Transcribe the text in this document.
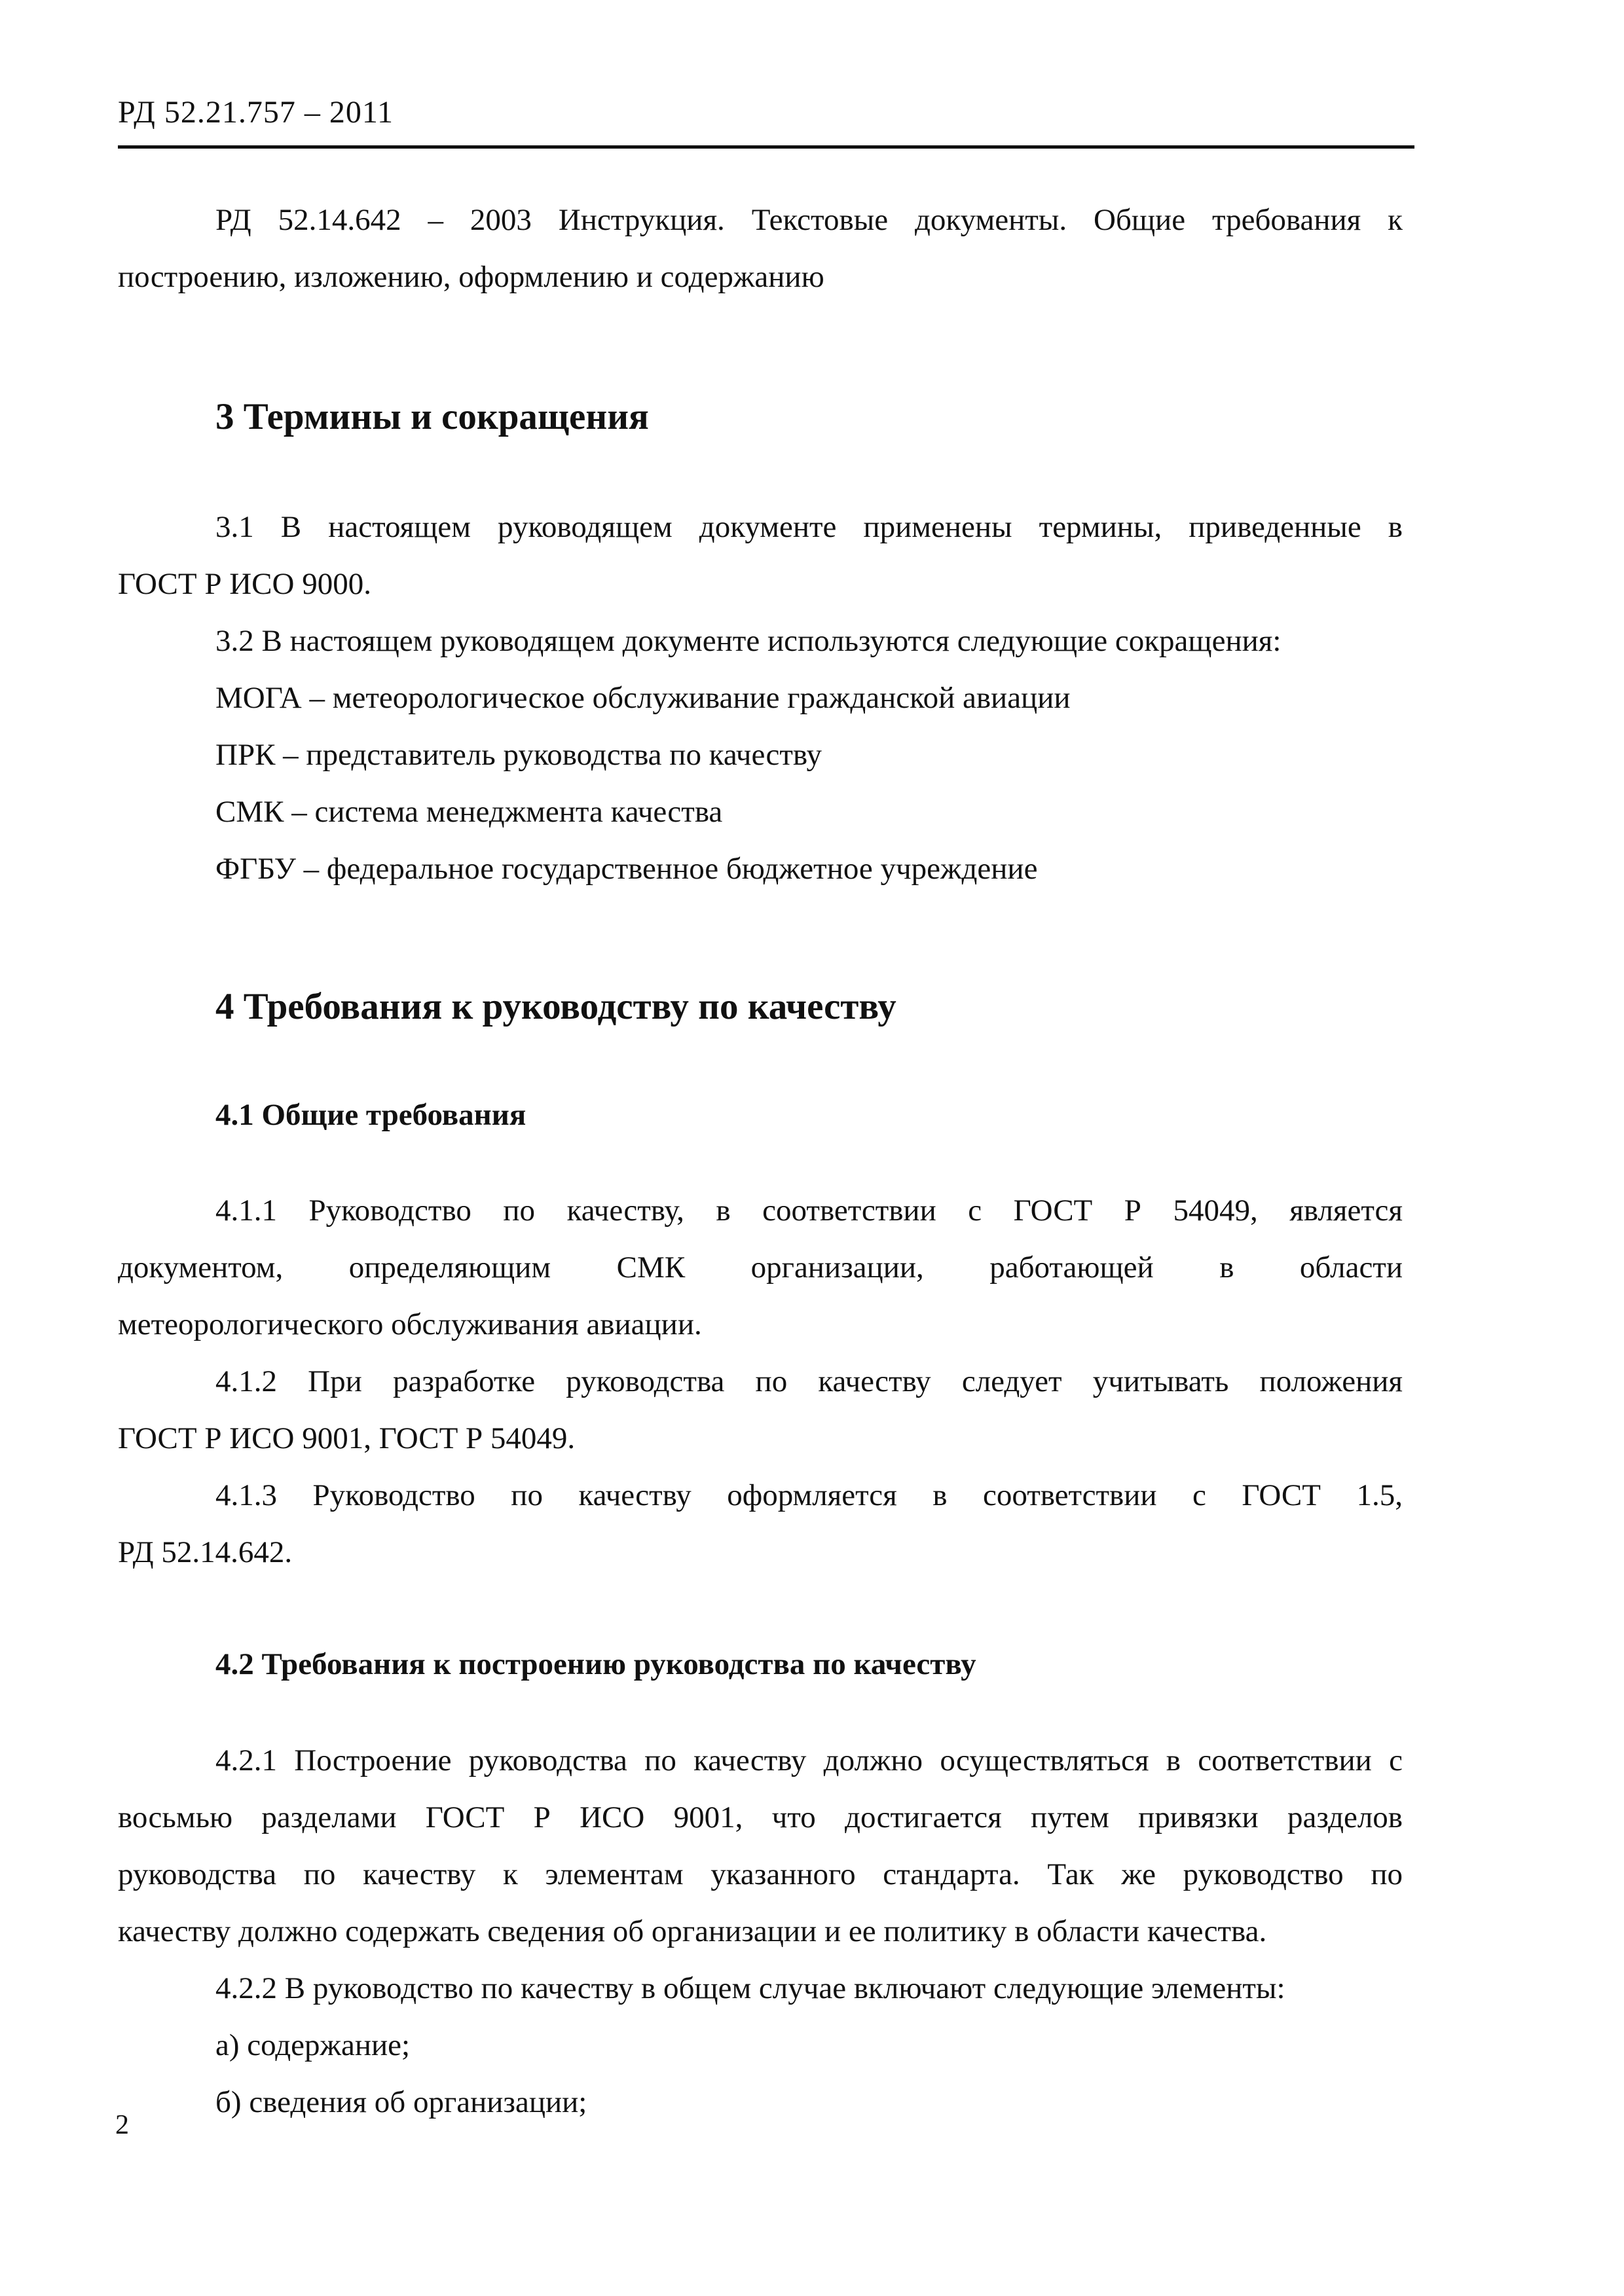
РД 52.21.757 – 2011
РД 52.14.642 – 2003 Инструкция. Текстовые документы. Общие требования к
построению, изложению, оформлению и содержанию
3 Термины и сокращения
3.1 В настоящем руководящем документе применены термины, приведенные в
ГОСТ Р ИСО 9000.
3.2 В настоящем руководящем документе используются следующие сокращения:
МОГА – метеорологическое обслуживание гражданской авиации
ПРК – представитель руководства по качеству
СМК – система менеджмента качества
ФГБУ – федеральное государственное бюджетное учреждение
4 Требования к руководству по качеству
4.1 Общие требования
4.1.1 Руководство по качеству, в соответствии с ГОСТ Р 54049, является
документом, определяющим СМК организации, работающей в области
метеорологического обслуживания авиации.
4.1.2 При разработке руководства по качеству следует учитывать положения
ГОСТ Р ИСО 9001, ГОСТ Р 54049.
4.1.3 Руководство по качеству оформляется в соответствии с ГОСТ 1.5,
РД 52.14.642.
4.2 Требования к построению руководства по качеству
4.2.1 Построение руководства по качеству должно осуществляться в соответствии с
восьмью разделами ГОСТ Р ИСО 9001, что достигается путем привязки разделов
руководства по качеству к элементам указанного стандарта. Так же руководство по
качеству должно содержать сведения об организации и ее политику в области качества.
4.2.2 В руководство по качеству в общем случае включают следующие элементы:
а) содержание;
б) сведения об организации;
2
